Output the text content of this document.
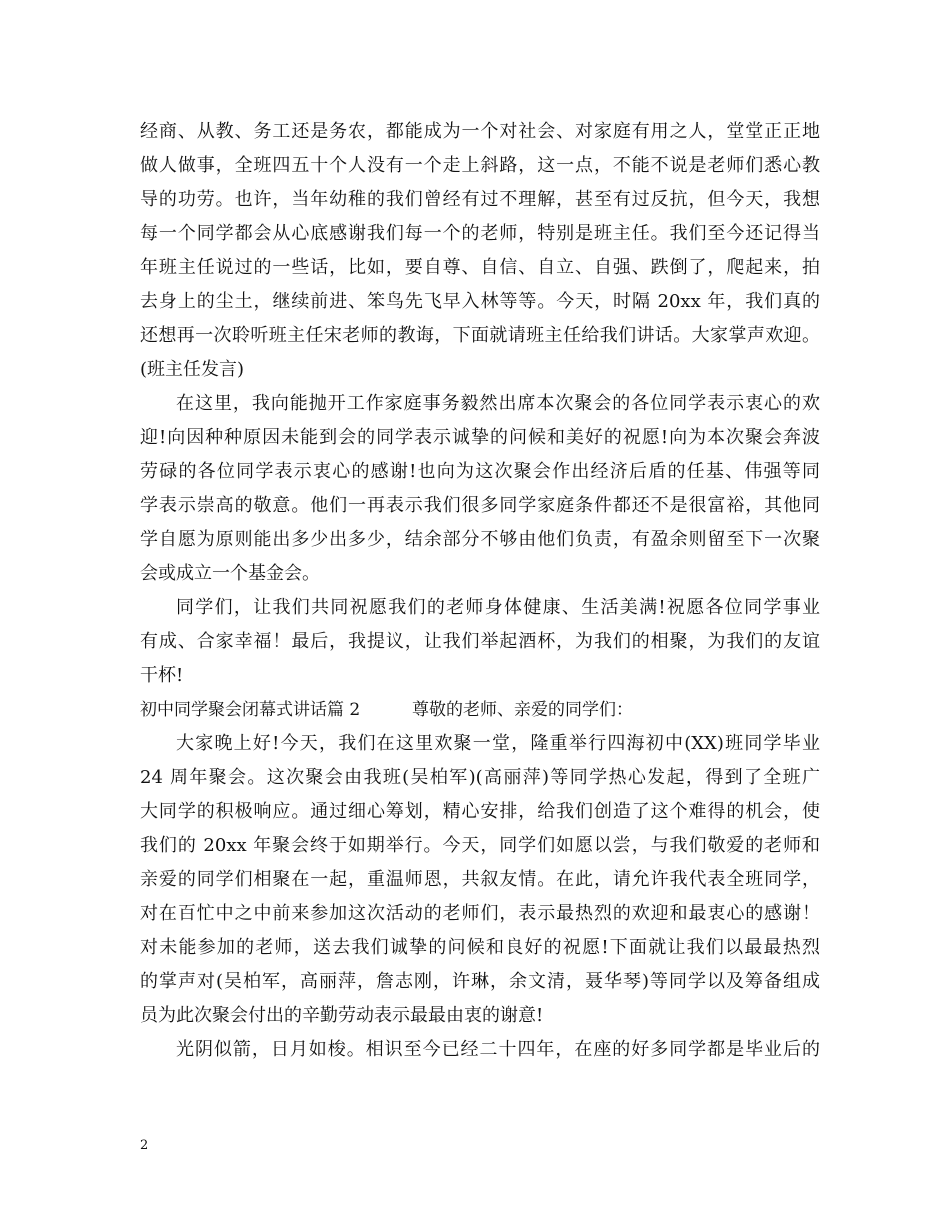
经商、从教、务工还是务农，都能成为一个对社会、对家庭有用之人，堂堂正正地
做人做事，全班四五十个人没有一个走上斜路，这一点，不能不说是老师们悉心教
导的功劳。也许，当年幼稚的我们曾经有过不理解，甚至有过反抗，但今天，我想
每一个同学都会从心底感谢我们每一个的老师，特别是班主任。我们至今还记得当
年班主任说过的一些话，比如，要自尊、自信、自立、自强、跌倒了，爬起来，拍
去身上的尘土，继续前进、笨鸟先飞早入林等等。今天，时隔 20xx 年，我们真的
还想再一次聆听班主任宋老师的教诲，下面就请班主任给我们讲话。大家掌声欢迎。
(班主任发言)
在这里，我向能抛开工作家庭事务毅然出席本次聚会的各位同学表示衷心的欢
迎!向因种种原因未能到会的同学表示诚挚的问候和美好的祝愿!向为本次聚会奔波
劳碌的各位同学表示衷心的感谢!也向为这次聚会作出经济后盾的任基、伟强等同
学表示崇高的敬意。他们一再表示我们很多同学家庭条件都还不是很富裕，其他同
学自愿为原则能出多少出多少，结余部分不够由他们负责，有盈余则留至下一次聚
会或成立一个基金会。
同学们，让我们共同祝愿我们的老师身体健康、生活美满!祝愿各位同学事业
有成、合家幸福！最后，我提议，让我们举起酒杯，为我们的相聚，为我们的友谊
干杯!
初中同学聚会闭幕式讲话篇 2	尊敬的老师、亲爱的同学们：
大家晚上好!今天，我们在这里欢聚一堂，隆重举行四海初中(XX)班同学毕业
24 周年聚会。这次聚会由我班(吴柏军)(高丽萍)等同学热心发起，得到了全班广
大同学的积极响应。通过细心筹划，精心安排，给我们创造了这个难得的机会，使
我们的 20xx 年聚会终于如期举行。今天，同学们如愿以尝，与我们敬爱的老师和
亲爱的同学们相聚在一起，重温师恩，共叙友情。在此，请允许我代表全班同学，
对在百忙中之中前来参加这次活动的老师们，表示最热烈的欢迎和最衷心的感谢！
对未能参加的老师，送去我们诚挚的问候和良好的祝愿!下面就让我们以最最热烈
的掌声对(吴柏军，高丽萍，詹志刚，许琳，余文清，聂华琴)等同学以及筹备组成
员为此次聚会付出的辛勤劳动表示最最由衷的谢意!
光阴似箭，日月如梭。相识至今已经二十四年，在座的好多同学都是毕业后的
2
